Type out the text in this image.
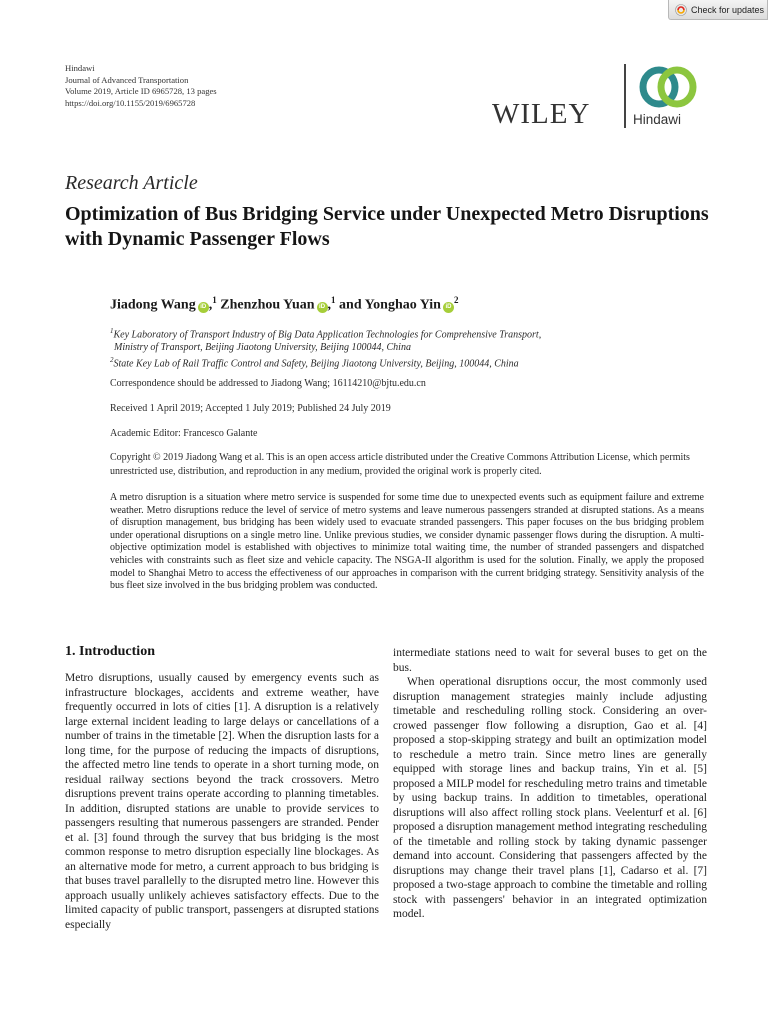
Check for updates
Hindawi
Journal of Advanced Transportation
Volume 2019, Article ID 6965728, 13 pages
https://doi.org/10.1155/2019/6965728	WILEY	Hindawi
Research Article
Optimization of Bus Bridging Service under Unexpected Metro Disruptions with Dynamic Passenger Flows
Jiadong Wang iD ,$^1$ Zhenzhou Yuan iD ,$^1$ and Yonghao Yin $iD^2$
$^1$Key Laboratory of Transport Industry of Big Data Application Technologies for Comprehensive Transport,
Ministry of Transport, Beijing Jiaotong University, Beijing 100044, China
$^2$State Key Lab of Rail Traffic Control and Safety, Beijing Jiaotong University, Beijing, 100044, China
Correspondence should be addressed to Jiadong Wang; 16114210@bjtu.edu.cn
Received 1 April 2019; Accepted 1 July 2019; Published 24 July 2019
Academic Editor: Francesco Galante
Copyright © 2019 Jiadong Wang et al. This is an open access article distributed under the Creative Commons Attribution License, which permits unrestricted use, distribution, and reproduction in any medium, provided the original work is properly cited.

A metro disruption is a situation where metro service is suspended for some time due to unexpected events such as equipment failure and extreme weather. Metro disruptions reduce the level of service of metro systems and leave numerous passengers stranded at disrupted stations. As a means of disruption management, bus bridging has been widely used to evacuate stranded passengers. This paper focuses on the bus bridging problem under operational disruptions on a single metro line. Unlike previous studies, we consider dynamic passenger flows during the disruption. A multi-objective optimization model is established with objectives to minimize total waiting time, the number of stranded passengers and dispatched vehicles with constraints such as fleet size and vehicle capacity. The NSGA-II algorithm is used for the solution. Finally, we apply the proposed model to Shanghai Metro to access the effectiveness of our approaches in comparison with the current bridging strategy. Sensitivity analysis of the bus fleet size involved in the bus bridging problem was conducted.

1. Introduction

Metro disruptions, usually caused by emergency events such as infrastructure blockages, accidents and extreme weather, have frequently occurred in lots of cities [1]. A disruption is a relatively large external incident leading to large delays or cancellations of a number of trains in the timetable [2]. When the disruption lasts for a long time, for the purpose of reducing the impacts of disruptions, the affected metro line tends to operate in a short turning mode, on residual railway sections beyond the track crossovers. Metro disruptions prevent trains operate according to planning timetables. In addition, disrupted stations are unable to provide services to passengers resulting that numerous passengers are stranded. Pender et al. [3] found through the survey that bus bridging is the most common response to metro disruption especially line blockages. As an alternative mode for metro, a current approach to bus bridging is that buses travel parallelly to the disrupted metro line. However this approach usually unlikely achieves satisfactory effects. Due to the limited capacity of public transport, passengers at disrupted stations especially

intermediate stations need to wait for several buses to get on the bus.

When operational disruptions occur, the most commonly used disruption management strategies mainly include adjusting timetable and rescheduling rolling stock. Considering an over-crowed passenger flow following a disruption, Gao et al. [4] proposed a stop-skipping strategy and built an optimization model to reschedule a metro train. Since metro lines are generally equipped with storage lines and backup trains, Yin et al. [5] proposed a MILP model for rescheduling metro trains and timetable by using backup trains. In addition to timetables, operational disruptions will also affect rolling stock plans. Veelenturf et al. [6] proposed a disruption management method integrating rescheduling of the timetable and rolling stock by taking dynamic passenger demand into account. Considering that passengers affected by the disruptions may change their travel plans [1], Cadarso et al. [7] proposed a two-stage approach to combine the timetable and rolling stock with passengers' behavior in an integrated optimization model.
